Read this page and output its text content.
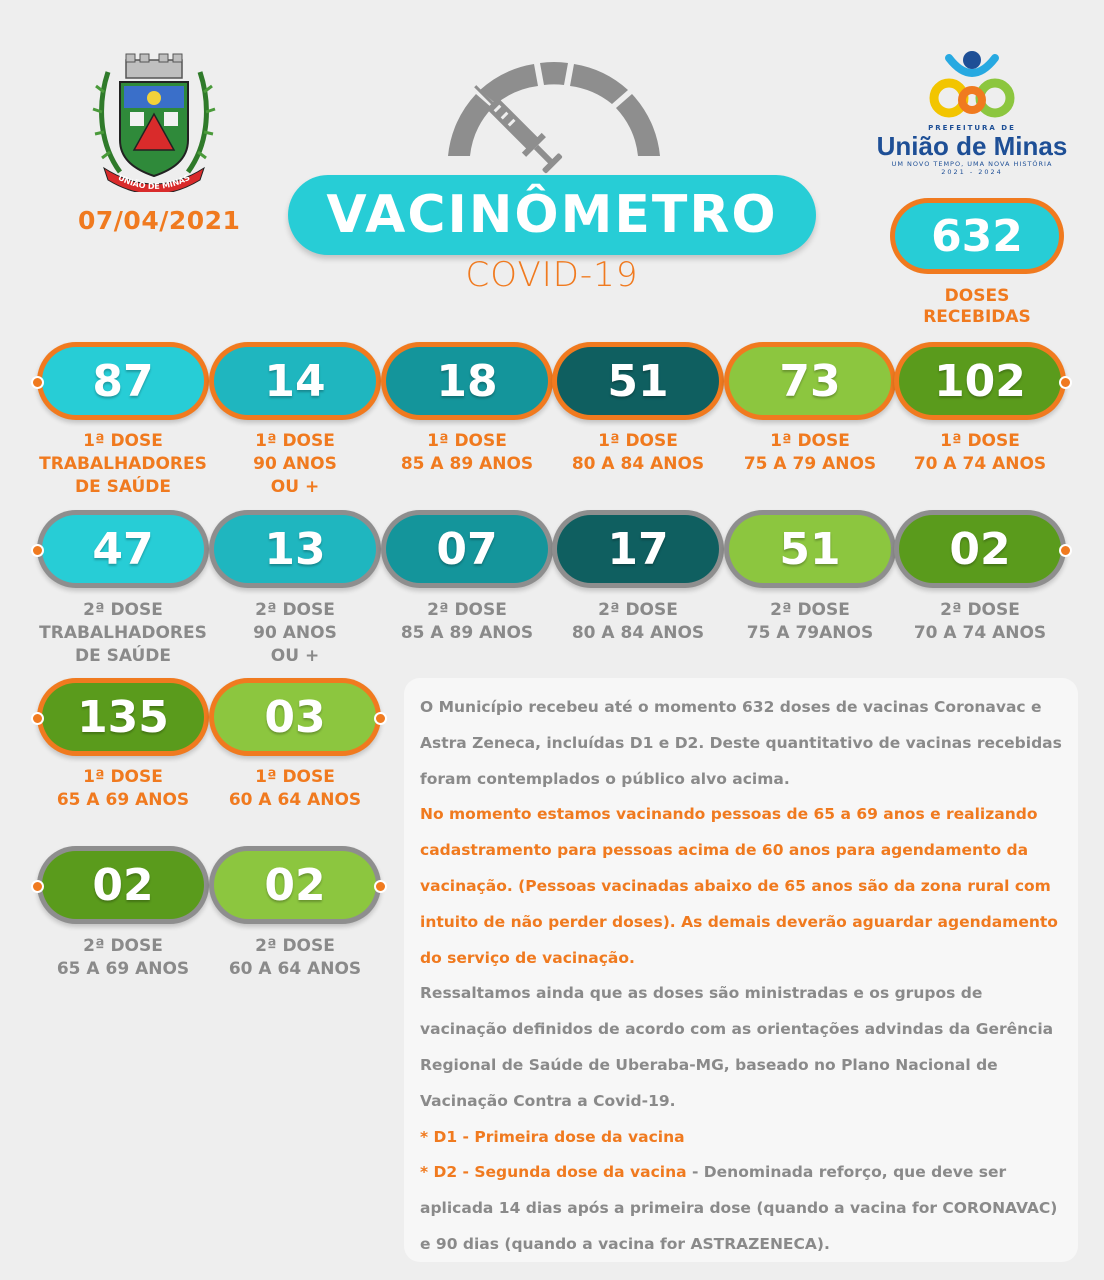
UNIÃO DE MINAS
07/04/2021 VACINÔMETRO
COVID-19
PREFEITURA DE
União de Minas
UM NOVO TEMPO, UMA NOVA HISTÓRIA
2021 - 2024
632
DOSES
RECEBIDAS
87	14	18	51	73	102
1ª DOSE
TRABALHADORES
DE SAÚDE
1ª DOSE
90 ANOS
OU +
1ª DOSE
85 A 89 ANOS
1ª DOSE
80 A 84 ANOS
1ª DOSE
75 A 79 ANOS
1ª DOSE
70 A 74 ANOS
47	13	07	17	51	02
2ª DOSE
TRABALHADORES
DE SAÚDE
2ª DOSE
90 ANOS
OU +
2ª DOSE
85 A 89 ANOS
2ª DOSE
80 A 84 ANOS
2ª DOSE
75 A 79ANOS
2ª DOSE
70 A 74 ANOS
135	03
1ª DOSE
65 A 69 ANOS
1ª DOSE
60 A 64 ANOS
02	02
2ª DOSE
65 A 69 ANOS
2ª DOSE
60 A 64 ANOS

O Município recebeu até o momento 632 doses de vacinas Coronavac e Astra Zeneca, incluídas D1 e D2. Deste quantitativo de vacinas recebidas foram contemplados o público alvo acima.

No momento estamos vacinando pessoas de 65 a 69 anos e realizando cadastramento para pessoas acima de 60 anos para agendamento da vacinação. (Pessoas vacinadas abaixo de 65 anos são da zona rural com intuito de não perder doses). As demais deverão aguardar agendamento do serviço de vacinação.

Ressaltamos ainda que as doses são ministradas e os grupos de vacinação definidos de acordo com as orientações advindas da Gerência Regional de Saúde de Uberaba-MG, baseado no Plano Nacional de Vacinação Contra a Covid-19.

* D1 - Primeira dose da vacina

* D2 - Segunda dose da vacina - Denominada reforço, que deve ser aplicada 14 dias após a primeira dose (quando a vacina for CORONAVAC) e 90 dias (quando a vacina for ASTRAZENECA).
